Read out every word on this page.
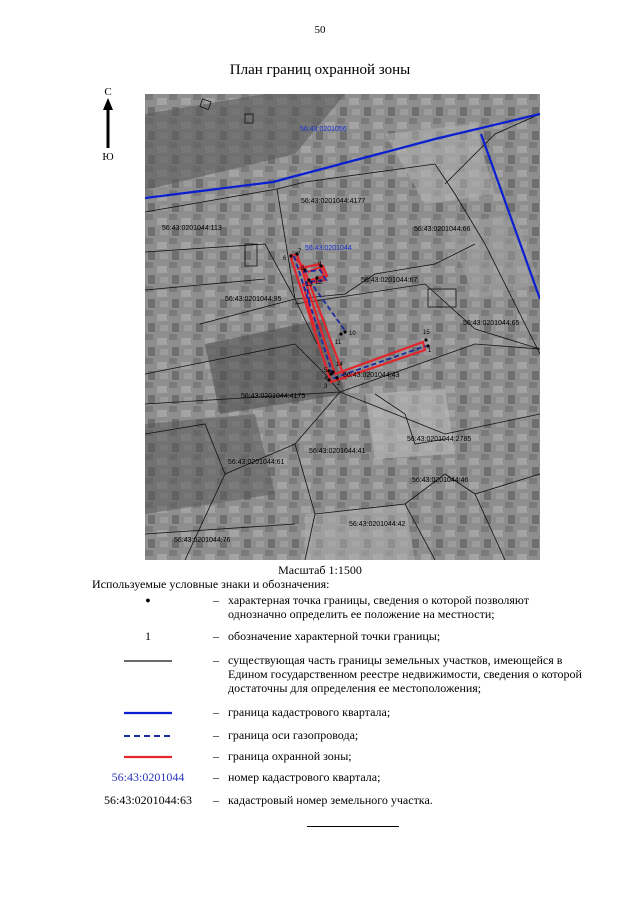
50
План границ охранной зоны
С
Ю
1
2
3
4
5
6
7
8
9
10
11
12
13
14
15
56:43:0201056
56:43:0201044
56:43:0201044:4177
56:43:0201044:113	56:43:0201044:66
56:43:0201044:67
56:43:0201044:95
56:43:0201044:65
56:43:0201044:43
56:43:0201044:4175
56:43:0201044:2785
56:43:0201044:61
56:43:0201044:41
56:43:0201044:46
56:43:0201044:42
56:43:0201044:76
Масштаб 1:1500
Используемые условные знаки и обозначения:
●	– характерная точка границы, сведения о которой позволяют однозначно определить ее положение на местности;
1	– обозначение характерной точки границы;
– существующая часть границы земельных участков, имеющейся в Едином государственном реестре недвижимости, сведения о которой достаточны для определения ее местоположения;
– граница кадастрового квартала;
– граница оси газопровода;
– граница охранной зоны;
56:43:0201044	– номер кадастрового квартала;
56:43:0201044:63	– кадастровый номер земельного участка.
